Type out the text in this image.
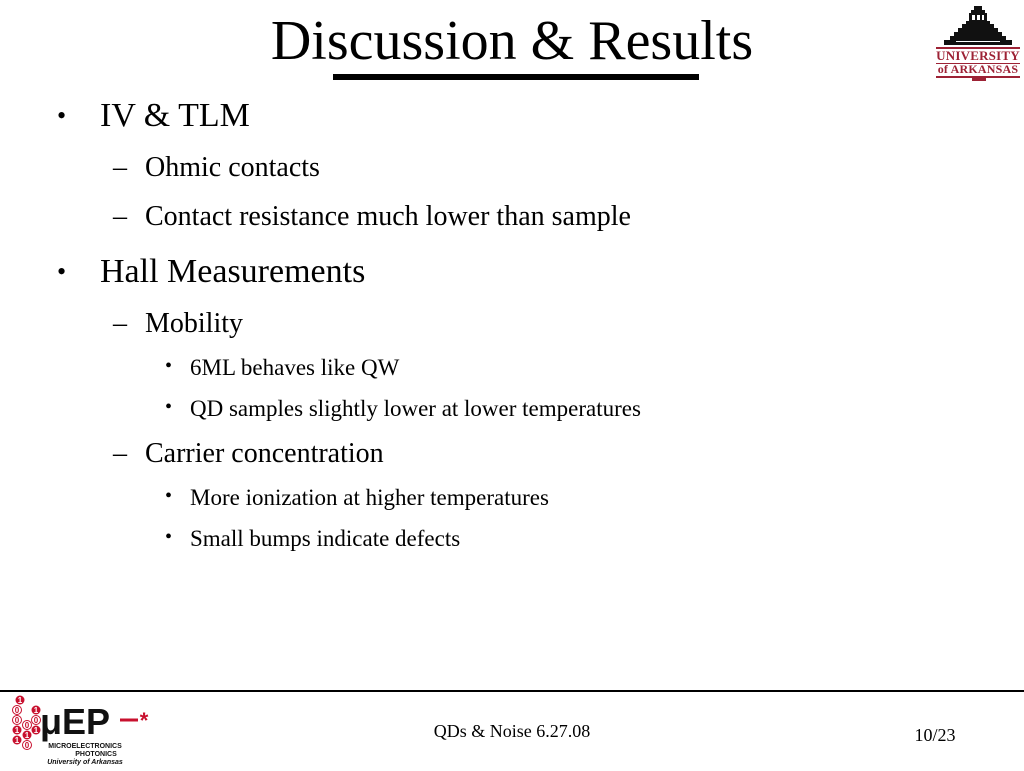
Discussion & Results	UNIVERSITY
of ARKANSAS
• IV & TLM
– Ohmic contacts
– Contact resistance much lower than sample
• Hall Measurements
– Mobility
• 6ML behaves like QW
• QD samples slightly lower at lower temperatures
– Carrier concentration
• More ionization at higher temperatures
• Small bumps indicate defects
1
0
0
1
1
0
1
0
1
0
1 μEP *
MICROELECTRONICS
PHOTONICS
University of Arkansas
QDs & Noise 6.27.08	10/23
